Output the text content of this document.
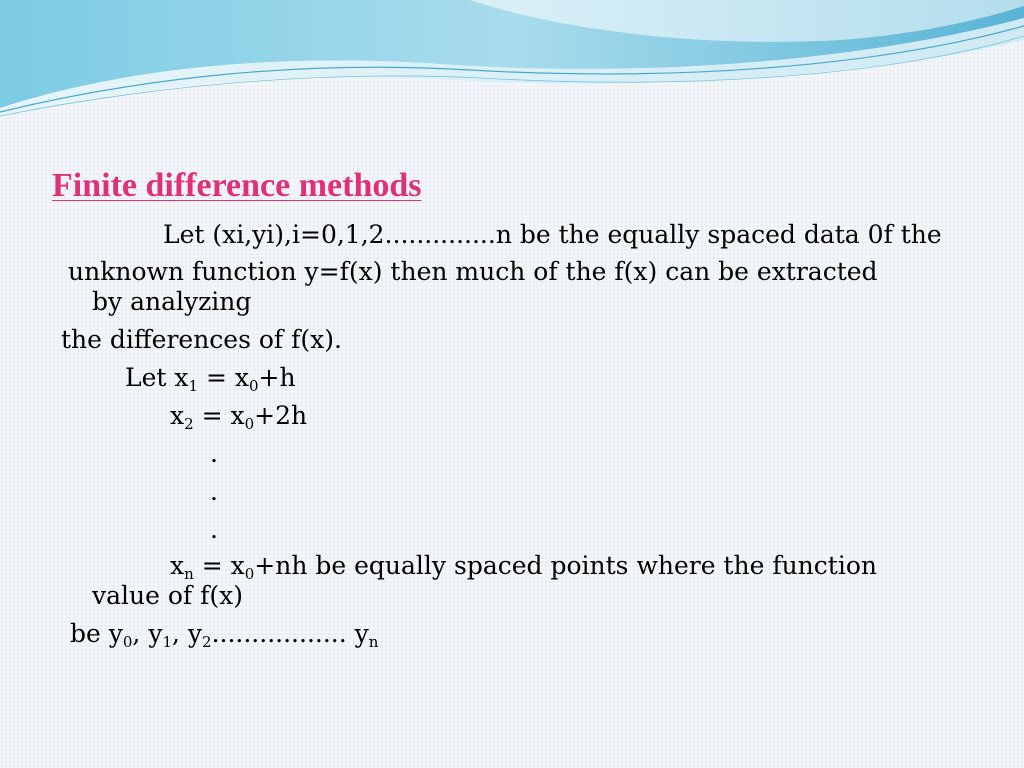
Finite difference methods

Let (xi,yi),i=0,1,2..............n be the equally spaced data 0f the

unknown function y=f(x) then much of the f(x) can be extracted

by analyzing

the differences of f(x).

Let $x_1 = x_0+h$

$x_2 = x_0+2h$

.

.

.

$x_n = x_0+nh$ be equally spaced points where the function

value of f(x)

be $y_0$, $y_1$, $y_2$................. $y_n$
